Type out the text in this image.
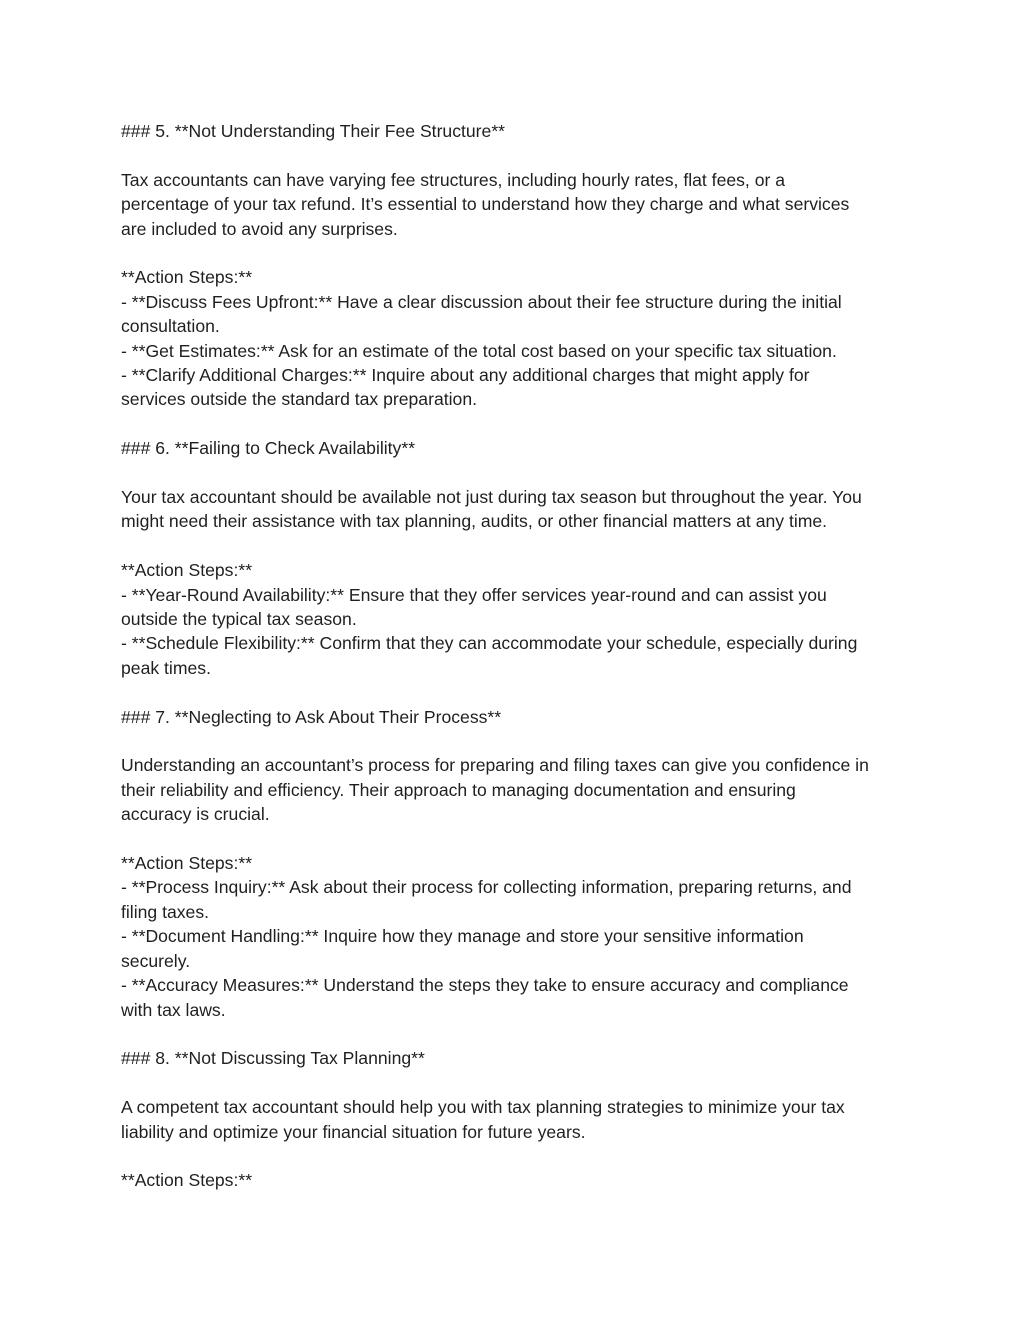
### 5. **Not Understanding Their Fee Structure**

Tax accountants can have varying fee structures, including hourly rates, flat fees, or a

percentage of your tax refund. It’s essential to understand how they charge and what services

are included to avoid any surprises.

**Action Steps:**

- **Discuss Fees Upfront:** Have a clear discussion about their fee structure during the initial

consultation.

- **Get Estimates:** Ask for an estimate of the total cost based on your specific tax situation.

- **Clarify Additional Charges:** Inquire about any additional charges that might apply for

services outside the standard tax preparation.

### 6. **Failing to Check Availability**

Your tax accountant should be available not just during tax season but throughout the year. You

might need their assistance with tax planning, audits, or other financial matters at any time.

**Action Steps:**

- **Year-Round Availability:** Ensure that they offer services year-round and can assist you

outside the typical tax season.

- **Schedule Flexibility:** Confirm that they can accommodate your schedule, especially during

peak times.

### 7. **Neglecting to Ask About Their Process**

Understanding an accountant’s process for preparing and filing taxes can give you confidence in

their reliability and efficiency. Their approach to managing documentation and ensuring

accuracy is crucial.

**Action Steps:**

- **Process Inquiry:** Ask about their process for collecting information, preparing returns, and

filing taxes.

- **Document Handling:** Inquire how they manage and store your sensitive information

securely.

- **Accuracy Measures:** Understand the steps they take to ensure accuracy and compliance

with tax laws.

### 8. **Not Discussing Tax Planning**

A competent tax accountant should help you with tax planning strategies to minimize your tax

liability and optimize your financial situation for future years.

**Action Steps:**
